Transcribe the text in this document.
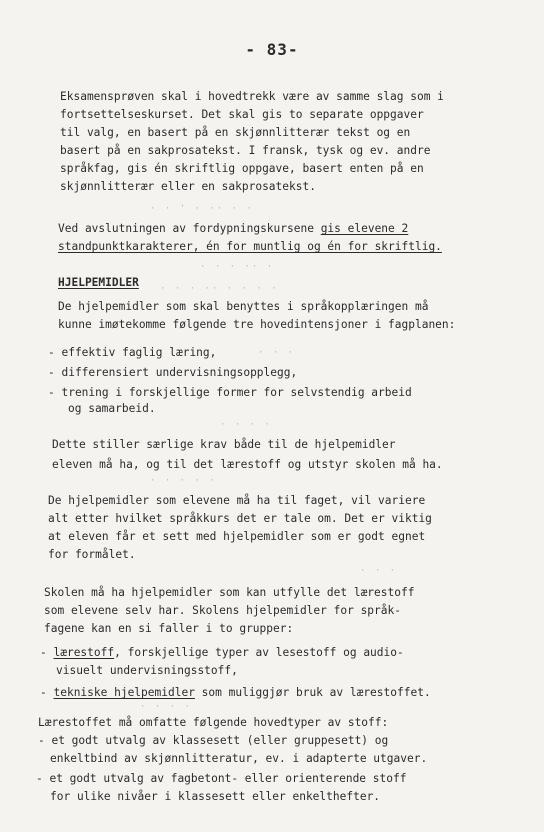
- 83-
Eksamensprøven skal i hovedtrekk være av samme slag som i
fortsettelseskurset. Det skal gis to separate oppgaver
til valg, en basert på en skjønnlitterær tekst og en
basert på en sakprosatekst. I fransk, tysk og ev. andre
språkfag, gis én skriftlig oppgave, basert enten på en
skjønnlitterær eller en sakprosatekst.
Ved avslutningen av fordypningskursene gis elevene 2
standpunktkarakterer, én for muntlig og én for skriftlig.
HJELPEMIDLER
De hjelpemidler som skal benyttes i språkopplæringen må
kunne imøtekomme følgende tre hovedintensjoner i fagplanen:
- effektiv faglig læring,
- differensiert undervisningsopplegg,
- trening i forskjellige former for selvstendig arbeid
og samarbeid.
Dette stiller særlige krav både til de hjelpemidler
eleven må ha, og til det lærestoff og utstyr skolen må ha.
De hjelpemidler som elevene må ha til faget, vil variere
alt etter hvilket språkkurs det er tale om. Det er viktig
at eleven får et sett med hjelpemidler som er godt egnet
for formålet.
Skolen må ha hjelpemidler som kan utfylle det lærestoff
som elevene selv har. Skolens hjelpemidler for språk-
fagene kan en si faller i to grupper:
- lærestoff, forskjellige typer av lesestoff og audio-
visuelt undervisningsstoff,
- tekniske hjelpemidler som muliggjør bruk av lærestoffet.
Lærestoffet må omfatte følgende hovedtyper av stoff:
- et godt utvalg av klassesett (eller gruppesett) og
enkeltbind av skjønnlitteratur, ev. i adapterte utgaver.
- et godt utvalg av fagbetont- eller orienterende stoff
for ulike nivåer i klassesett eller enkelthefter.
· · ' · ·· · ·
· · · ·· ·
· · · ·· · · · ·
· · ·
· · · ·
· · · · ·
· · ·
· · · ·
